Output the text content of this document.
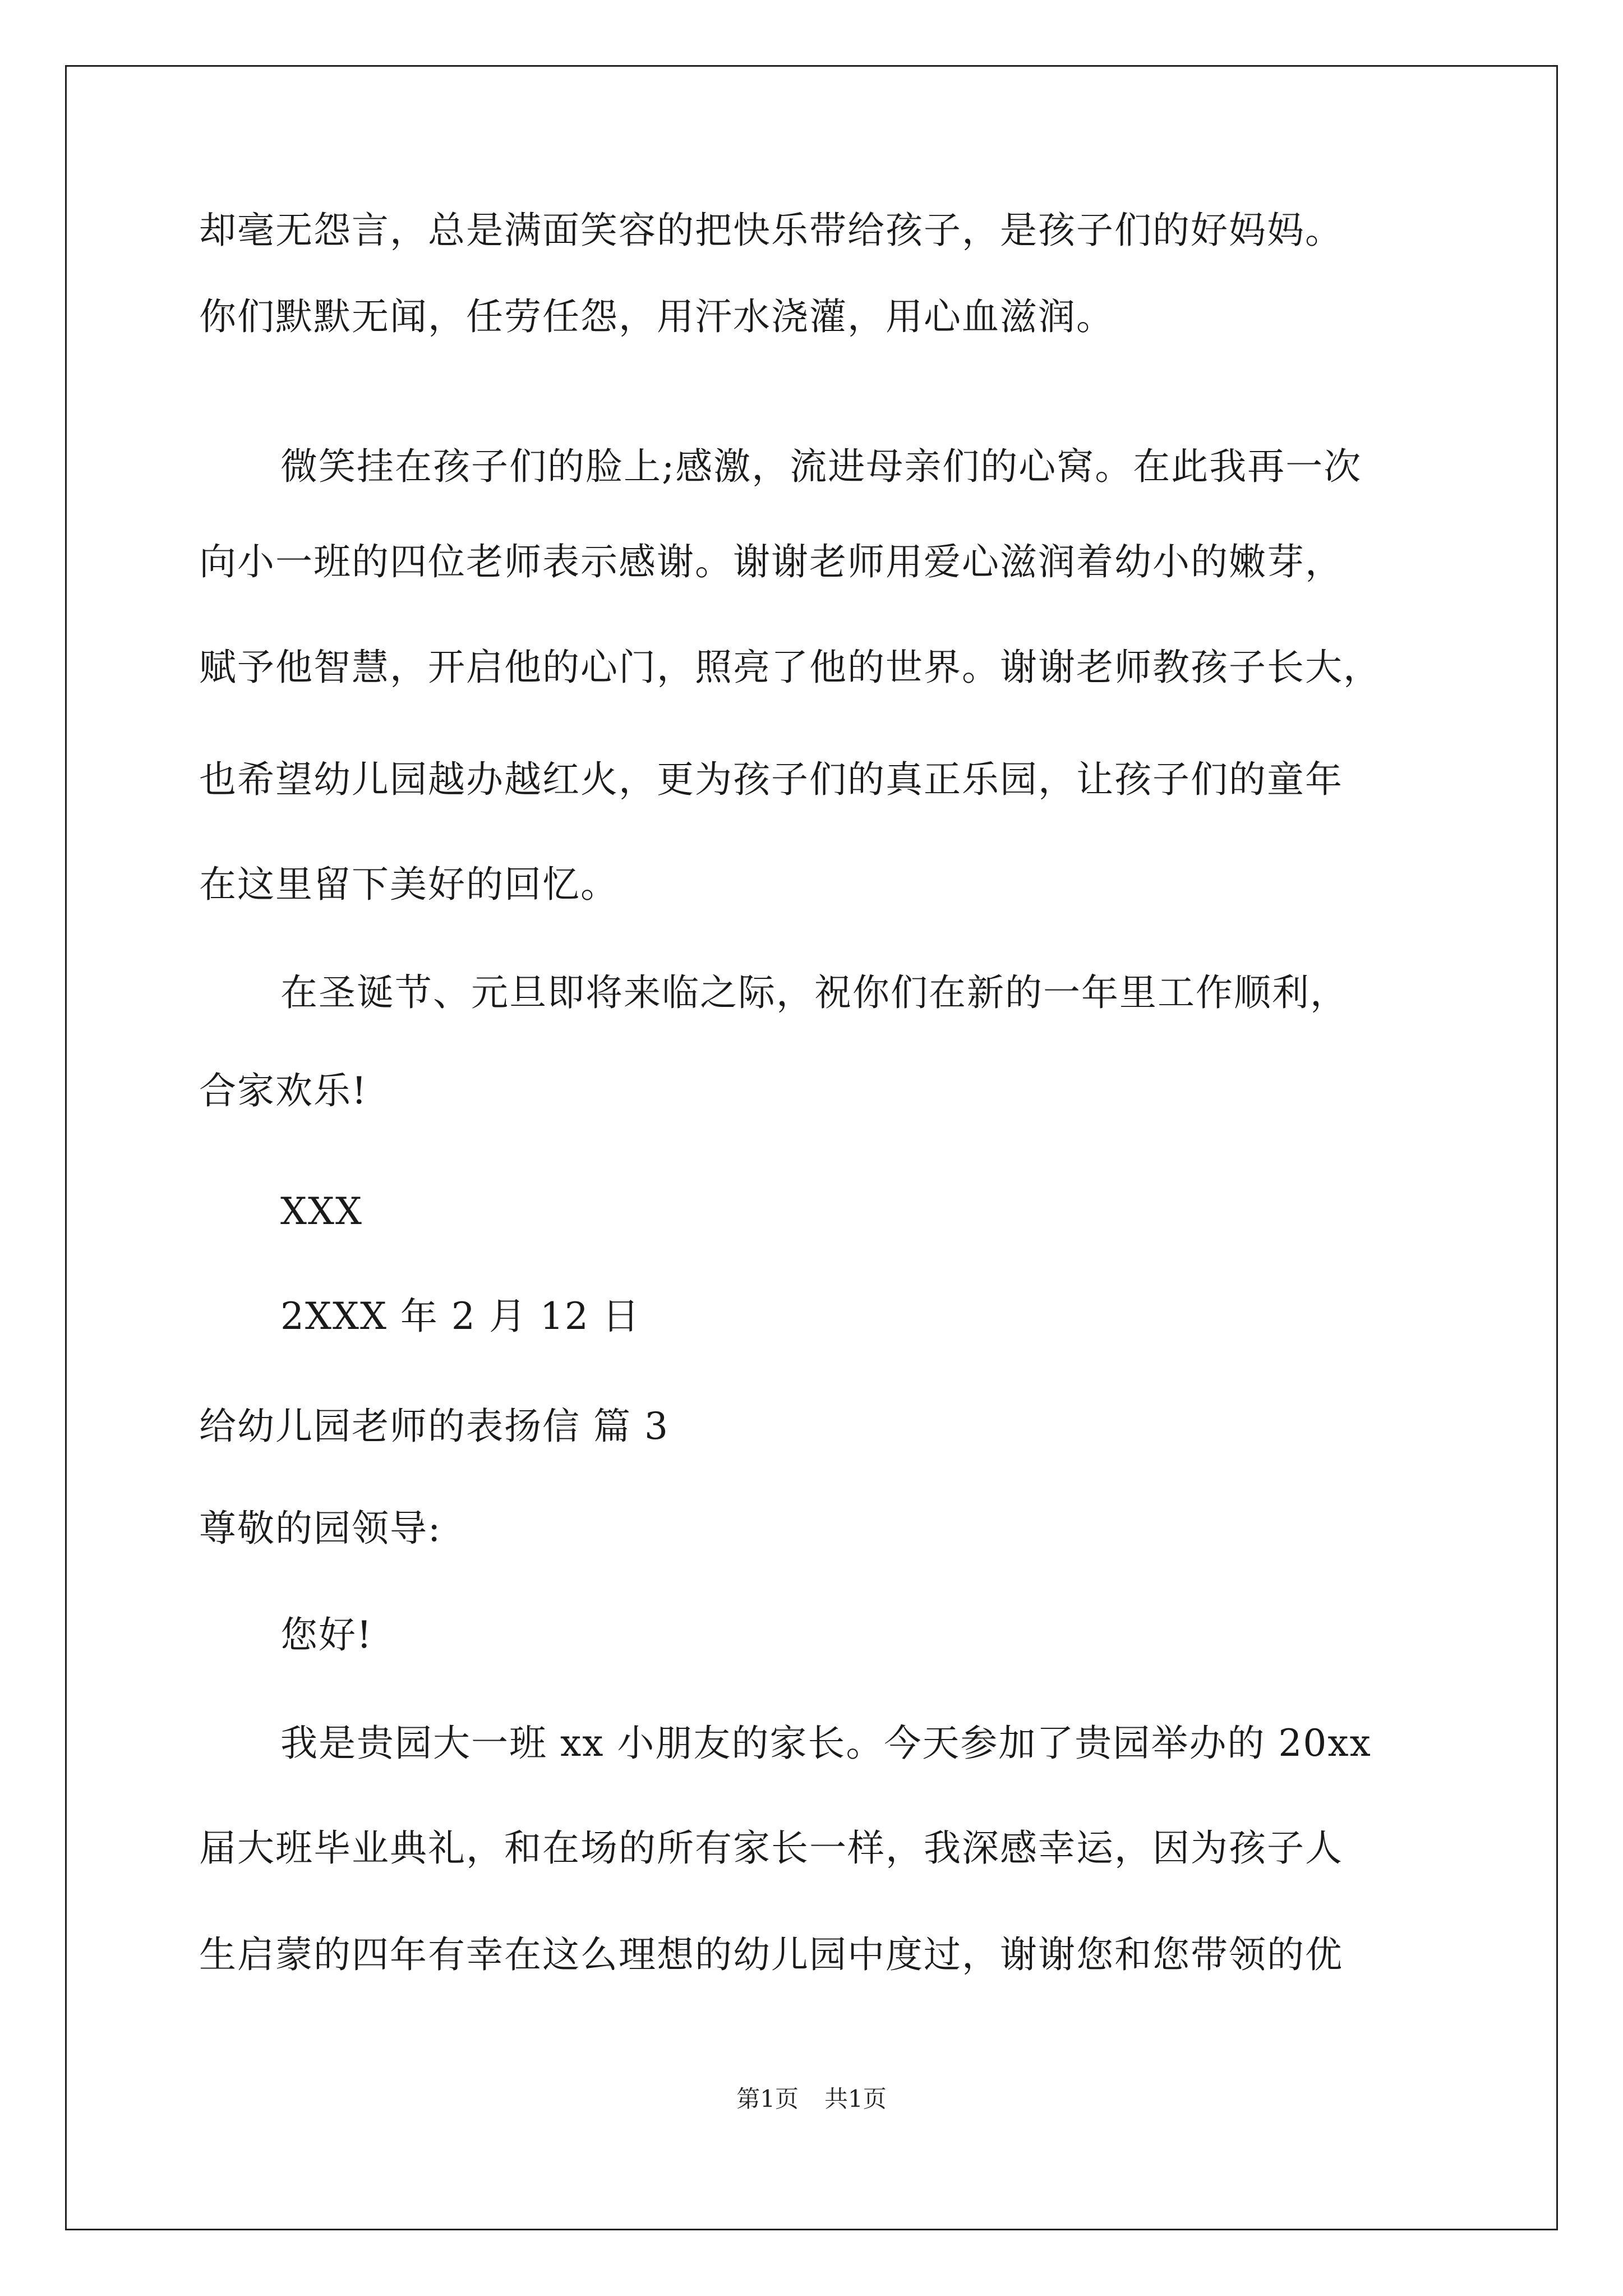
却毫无怨言，总是满面笑容的把快乐带给孩子，是孩子们的好妈妈。
你们默默无闻，任劳任怨，用汗水浇灌，用心血滋润。
微笑挂在孩子们的脸上;感激，流进母亲们的心窝。在此我再一次
向小一班的四位老师表示感谢。谢谢老师用爱心滋润着幼小的嫩芽，
赋予他智慧，开启他的心门，照亮了他的世界。谢谢老师教孩子长大，
也希望幼儿园越办越红火，更为孩子们的真正乐园，让孩子们的童年
在这里留下美好的回忆。
在圣诞节、元旦即将来临之际，祝你们在新的一年里工作顺利，
合家欢乐!
XXX
2XXX 年 2 月 12 日
给幼儿园老师的表扬信 篇 3
尊敬的园领导:
您好!
我是贵园大一班 xx 小朋友的家长。今天参加了贵园举办的 20xx
届大班毕业典礼，和在场的所有家长一样，我深感幸运，因为孩子人
生启蒙的四年有幸在这么理想的幼儿园中度过，谢谢您和您带领的优
第1页 共1页
